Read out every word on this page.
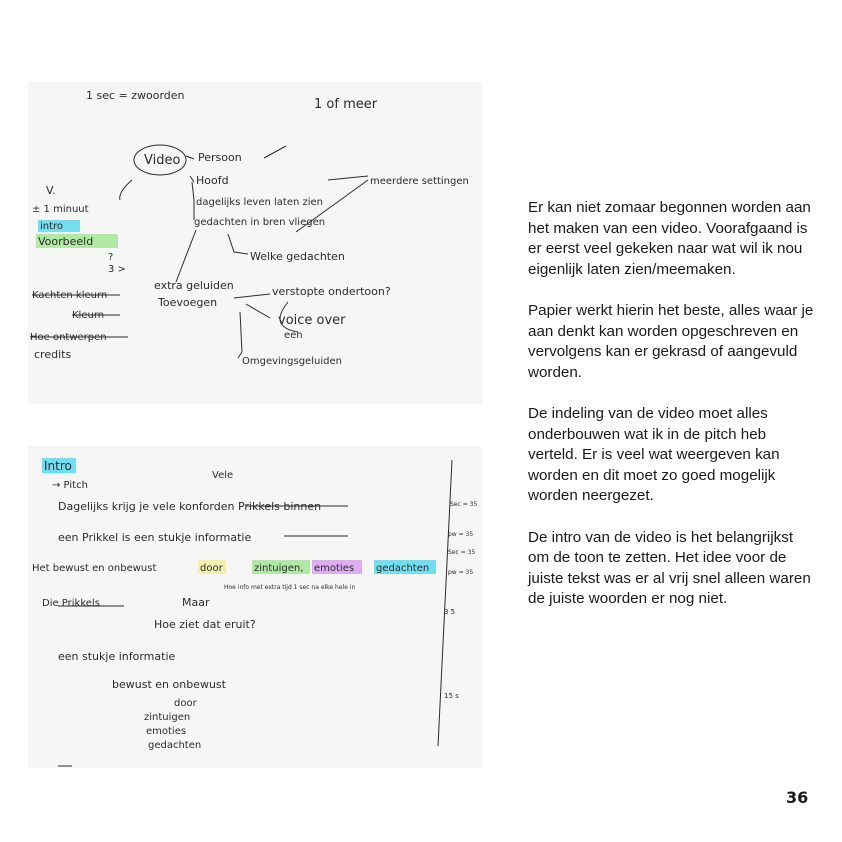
1 sec = zwoorden
1 of meer
Video Persoon
Hoofd
dagelijks leven laten zien
gedachten in bren vliegen
meerdere settingen
Welke gedachten
V.
± 1 minuut
intro
Voorbeeld
?
3 >
extra geluiden
Toevoegen
verstopte ondertoon?
voice over
een
Omgevingsgeluiden
Kachten kleurn
Kleurn
Hoe ontwerpen
credits
Intro
→ Pitch
Vele
Dagelijks krijg je vele konforden Prikkels binnen
een Prikkel is een stukje informatie
Het bewust en onbewust	door	zintuigen, emoties gedachten
Hoe info met extra tijd 1 sec na elke hele in
Die Prikkels	Maar
Hoe ziet dat eruit?
een stukje informatie
bewust en onbewust
door
zintuigen
emoties
gedachten
Sec = 35
pw = 35
Sec = 35
pw = 35
3 5
15 s

Er kan niet zomaar begonnen worden aan het maken van een video. Voorafgaand is er eerst veel gekeken naar wat wil ik nou eigenlijk laten zien/meemaken.

Papier werkt hierin het beste, alles waar je aan denkt kan worden opgeschreven en vervolgens kan er gekrasd of aangevuld worden.

De indeling van de video moet alles onderbouwen wat ik in de pitch heb verteld. Er is veel wat weergeven kan worden en dit moet zo goed mogelijk worden neergezet.

De intro van de video is het belangrijkst om de toon te zetten. Het idee voor de juiste tekst was er al vrij snel alleen waren de juiste woorden er nog niet.

36
